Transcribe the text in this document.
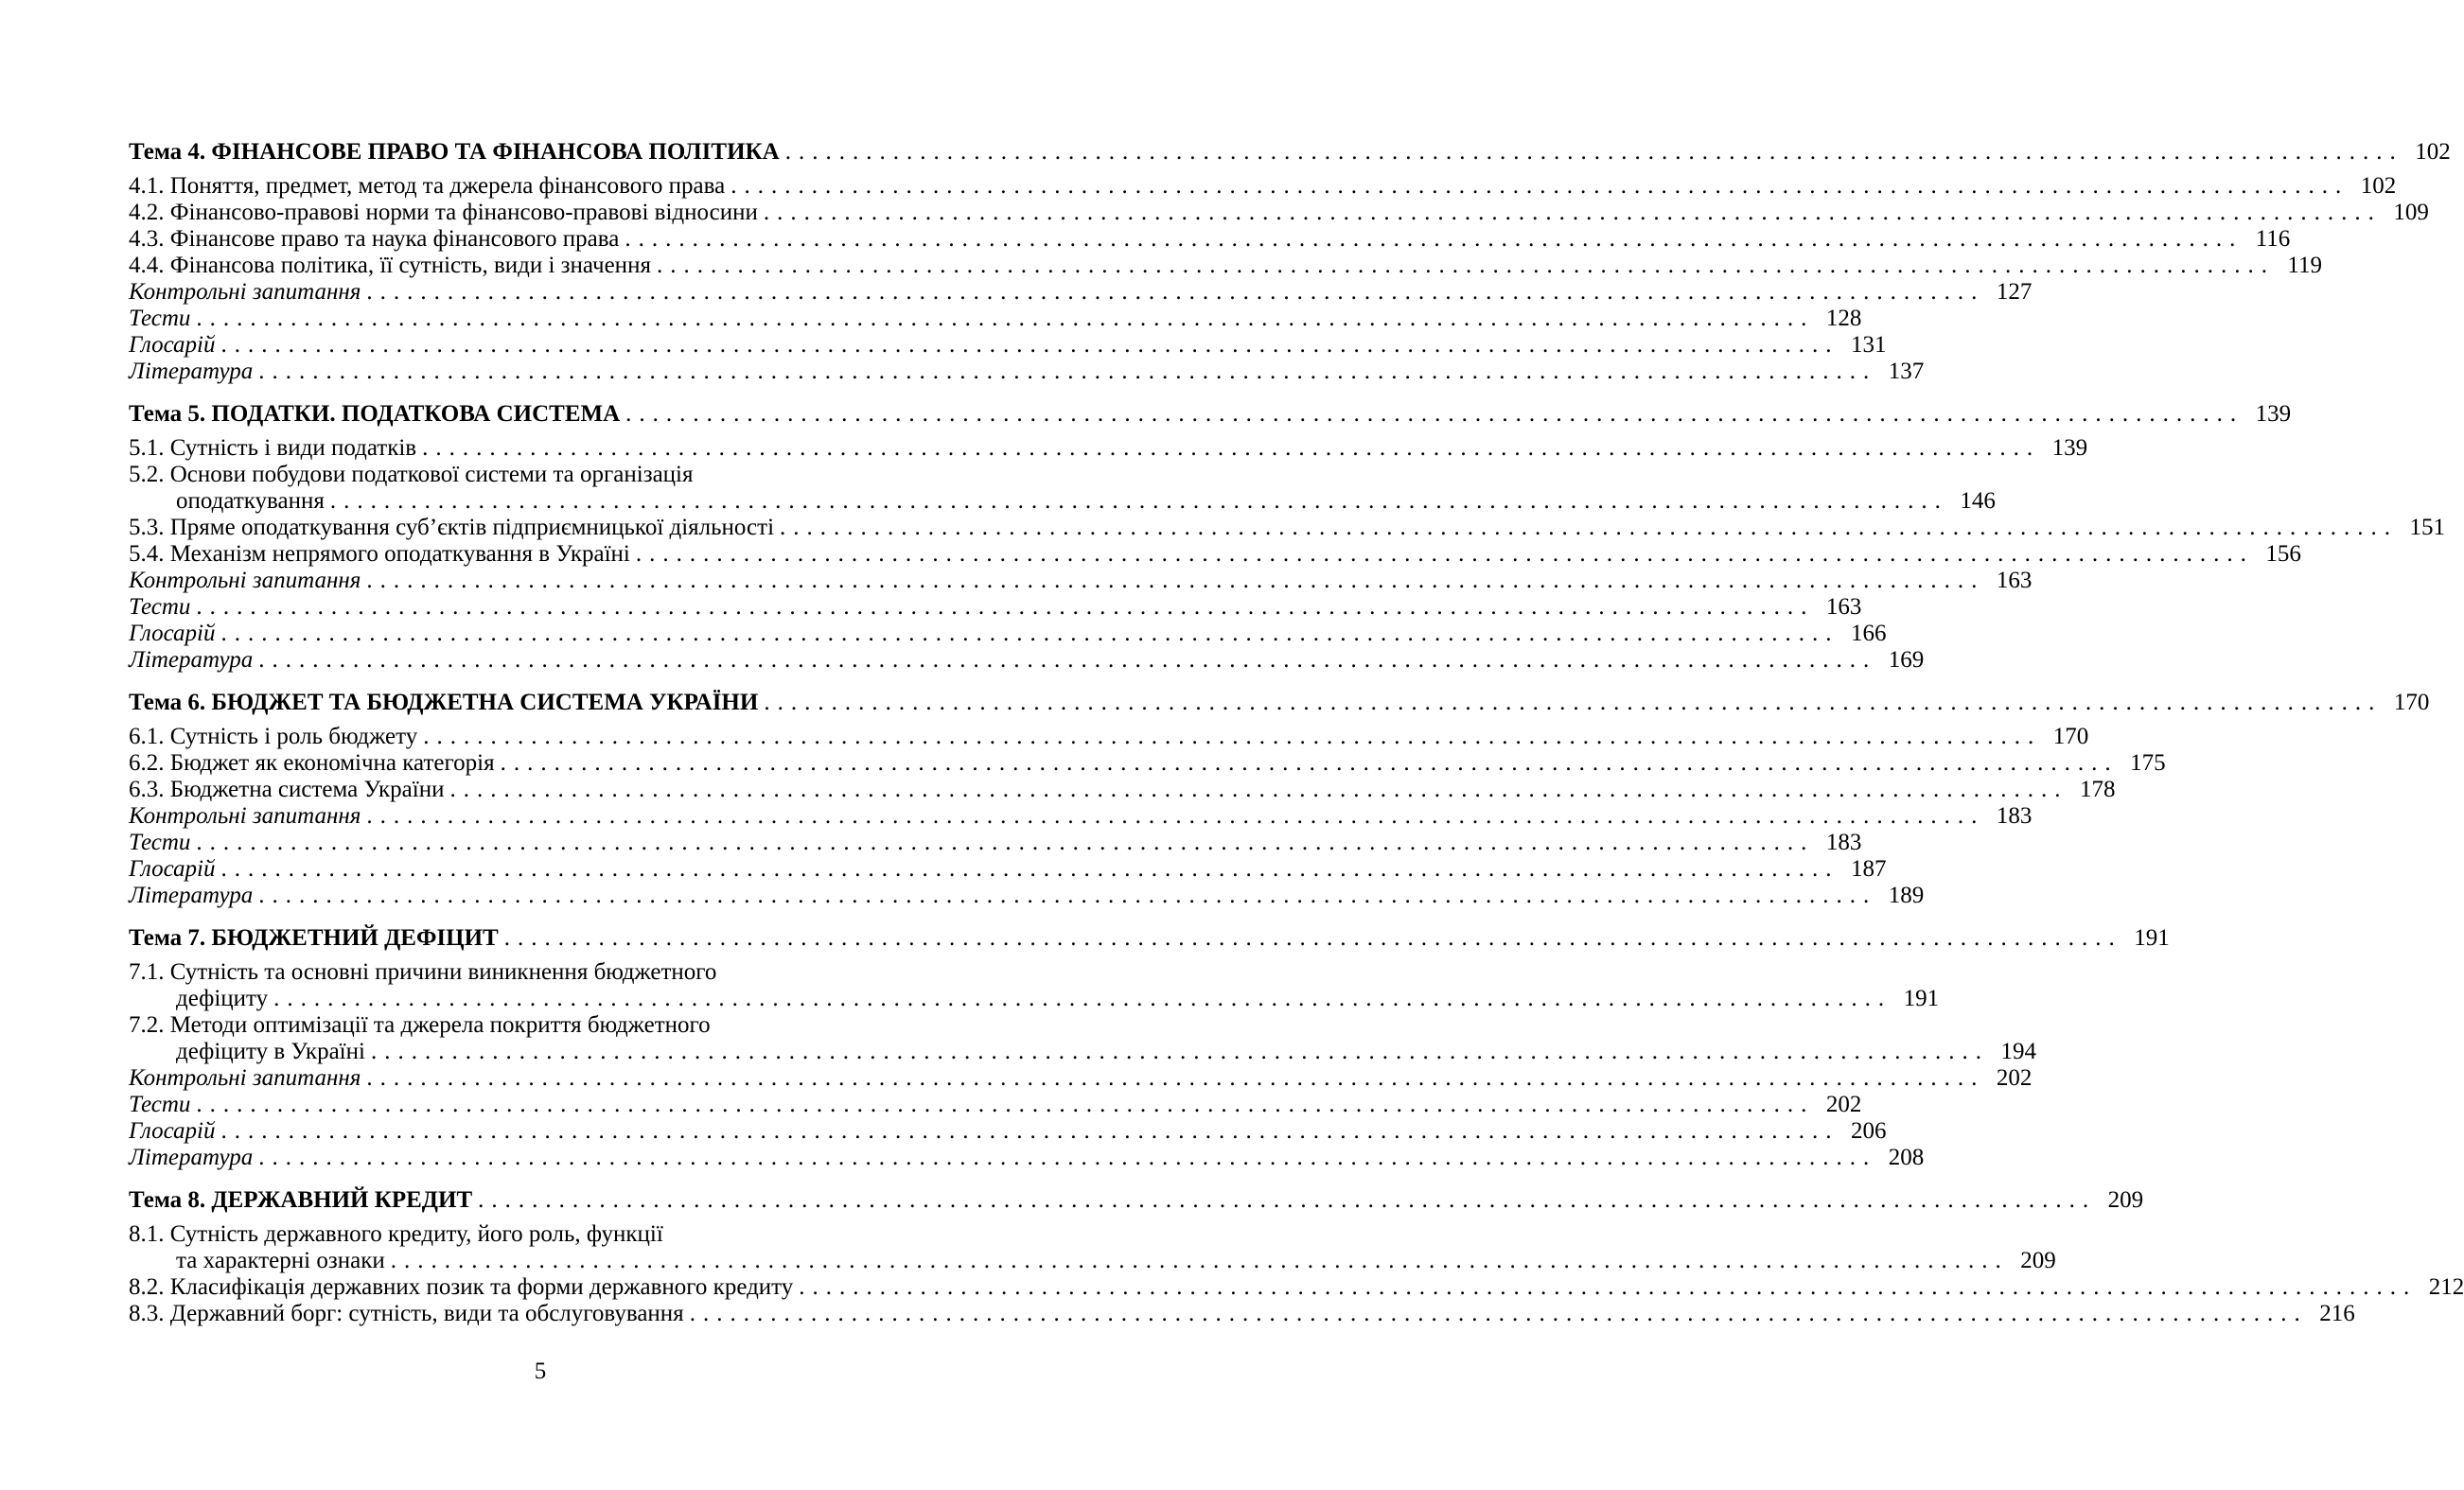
Тема 4. ФІНАНСОВЕ ПРАВО ТА ФІНАНСОВА ПОЛІТИКА ........................................................................................................................ 102
4.1. Поняття, предмет, метод та джерела фінансового права ........................................................................................................................ 102
4.2. Фінансово-правові норми та фінансово-правові відносини ........................................................................................................................ 109
4.3. Фінансове право та наука фінансового права ........................................................................................................................ 116
4.4. Фінансова політика, її сутність, види і значення ........................................................................................................................ 119
Контрольні запитання ........................................................................................................................ 127
Тести ........................................................................................................................ 128
Глосарій ........................................................................................................................ 131
Література ........................................................................................................................ 137
Тема 5. ПОДАТКИ. ПОДАТКОВА СИСТЕМА ........................................................................................................................ 139
5.1. Сутність і види податків ........................................................................................................................ 139
5.2. Основи побудови податкової системи та організація
оподаткування ........................................................................................................................ 146
5.3. Пряме оподаткування суб’єктів підприємницької діяльності ........................................................................................................................ 151
5.4. Механізм непрямого оподаткування в Україні ........................................................................................................................ 156
Контрольні запитання ........................................................................................................................ 163
Тести ........................................................................................................................ 163
Глосарій ........................................................................................................................ 166
Література ........................................................................................................................ 169
Тема 6. БЮДЖЕТ ТА БЮДЖЕТНА СИСТЕМА УКРАЇНИ ........................................................................................................................ 170
6.1. Сутність і роль бюджету ........................................................................................................................ 170
6.2. Бюджет як економічна категорія ........................................................................................................................ 175
6.3. Бюджетна система України ........................................................................................................................ 178
Контрольні запитання ........................................................................................................................ 183
Тести ........................................................................................................................ 183
Глосарій ........................................................................................................................ 187
Література ........................................................................................................................ 189
Тема 7. БЮДЖЕТНИЙ ДЕФІЦИТ ........................................................................................................................ 191
7.1. Сутність та основні причини виникнення бюджетного
дефіциту ........................................................................................................................ 191
7.2. Методи оптимізації та джерела покриття бюджетного
дефіциту в Україні ........................................................................................................................ 194
Контрольні запитання ........................................................................................................................ 202
Тести ........................................................................................................................ 202
Глосарій ........................................................................................................................ 206
Література ........................................................................................................................ 208
Тема 8. ДЕРЖАВНИЙ КРЕДИТ ........................................................................................................................ 209
8.1. Сутність державного кредиту, його роль, функції
та характерні ознаки ........................................................................................................................ 209
8.2. Класифікація державних позик та форми державного кредиту ........................................................................................................................ 212
8.3. Державний борг: сутність, види та обслуговування ........................................................................................................................ 216
5
